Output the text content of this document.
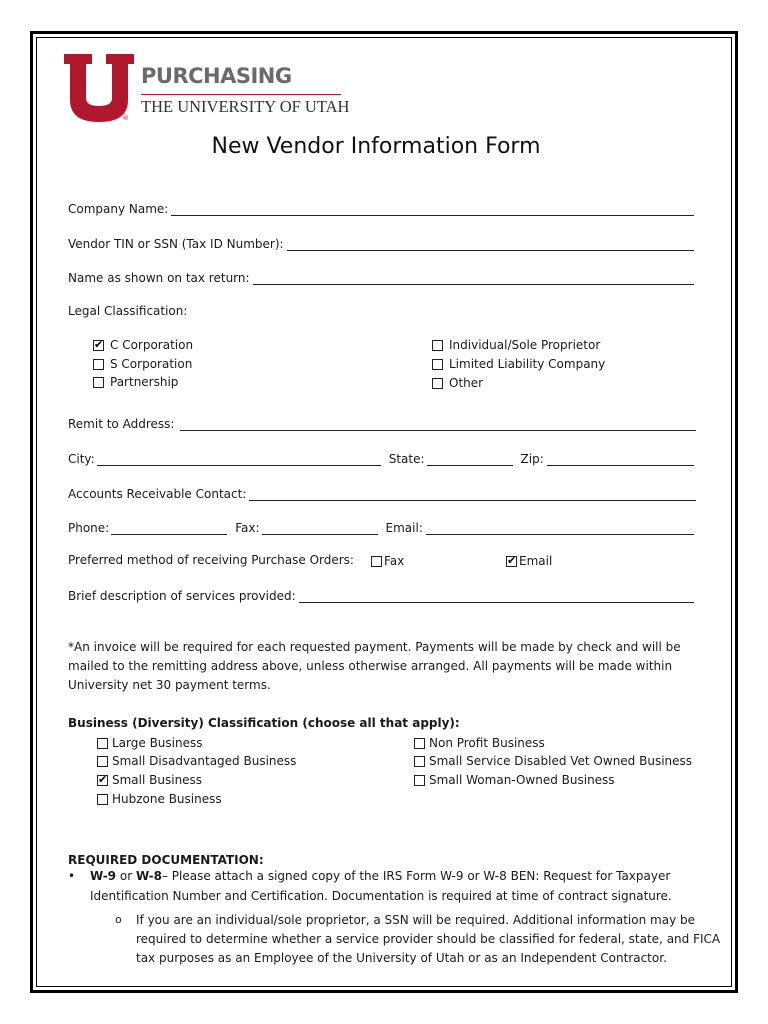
®
PURCHASING
THE UNIVERSITY OF UTAH
New Vendor Information Form
Company Name:
Vendor TIN or SSN (Tax ID Number):
Name as shown on tax return:
Legal Classification:
✔
C Corporation
S Corporation
Partnership
Individual/Sole Proprietor
Limited Liability Company
Other
Remit to Address:
City:	State:	Zip:
Accounts Receivable Contact:
Phone:	Fax:	Email:
Preferred method of receiving Purchase Orders:	Fax
✔	Email
Brief description of services provided:
*An invoice will be required for each requested payment. Payments will be made by check and will be mailed to the remitting address above, unless otherwise arranged. All payments will be made within University net 30 payment terms.
Business (Diversity) Classification (choose all that apply):
Large Business
Small Disadvantaged Business
✔
Small Business
Hubzone Business
Non Profit Business
Small Service Disabled Vet Owned Business
Small Woman-Owned Business
REQUIRED DOCUMENTATION:
• W-9 or W-8– Please attach a signed copy of the IRS Form W-9 or W-8 BEN: Request for Taxpayer
Identification Number and Certification. Documentation is required at time of contract signature.
o If you are an individual/sole proprietor, a SSN will be required. Additional information may be
required to determine whether a service provider should be classified for federal, state, and FICA
tax purposes as an Employee of the University of Utah or as an Independent Contractor.
